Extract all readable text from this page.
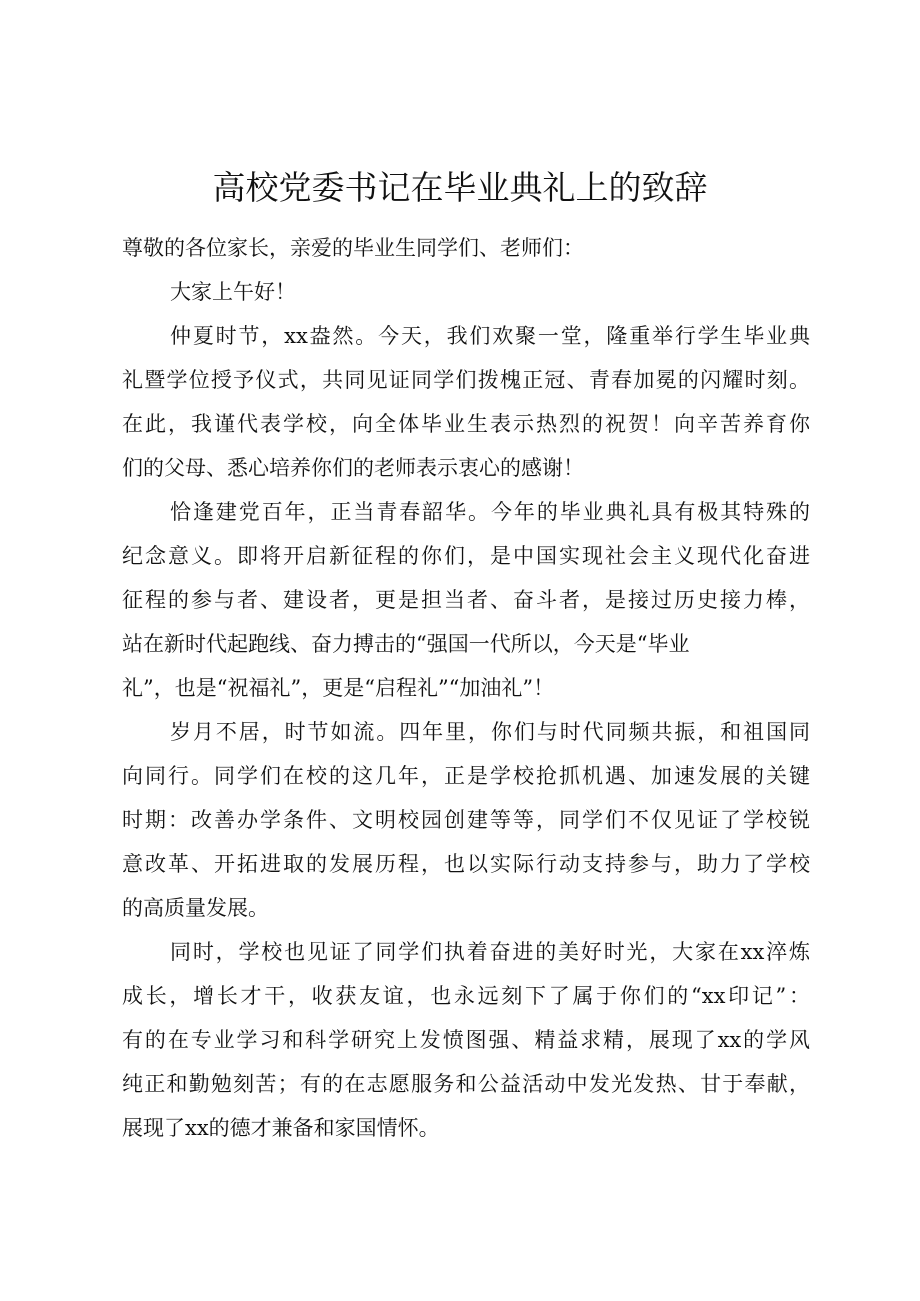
高校党委书记在毕业典礼上的致辞
尊敬的各位家长，亲爱的毕业生同学们、老师们：
大家上午好！
仲夏时节，xx盎然。今天，我们欢聚一堂，隆重举行学生毕业典
礼暨学位授予仪式，共同见证同学们拨槐正冠、青春加冕的闪耀时刻。
在此，我谨代表学校，向全体毕业生表示热烈的祝贺！向辛苦养育你
们的父母、悉心培养你们的老师表示衷心的感谢！
恰逢建党百年，正当青春韶华。今年的毕业典礼具有极其特殊的
纪念意义。即将开启新征程的你们，是中国实现社会主义现代化奋进
征程的参与者、建设者，更是担当者、奋斗者，是接过历史接力棒，
站在新时代起跑线、奋力搏击的“强国一代所以，今天是“毕业
礼”，也是“祝福礼”，更是“启程礼”“加油礼”！
岁月不居，时节如流。四年里，你们与时代同频共振，和祖国同
向同行。同学们在校的这几年，正是学校抢抓机遇、加速发展的关键
时期：改善办学条件、文明校园创建等等，同学们不仅见证了学校锐
意改革、开拓进取的发展历程，也以实际行动支持参与，助力了学校
的高质量发展。
同时，学校也见证了同学们执着奋进的美好时光，大家在xx淬炼
成长，增长才干，收获友谊，也永远刻下了属于你们的“xx印记”：
有的在专业学习和科学研究上发愤图强、精益求精，展现了xx的学风
纯正和勤勉刻苦；有的在志愿服务和公益活动中发光发热、甘于奉献，
展现了xx的德才兼备和家国情怀。
